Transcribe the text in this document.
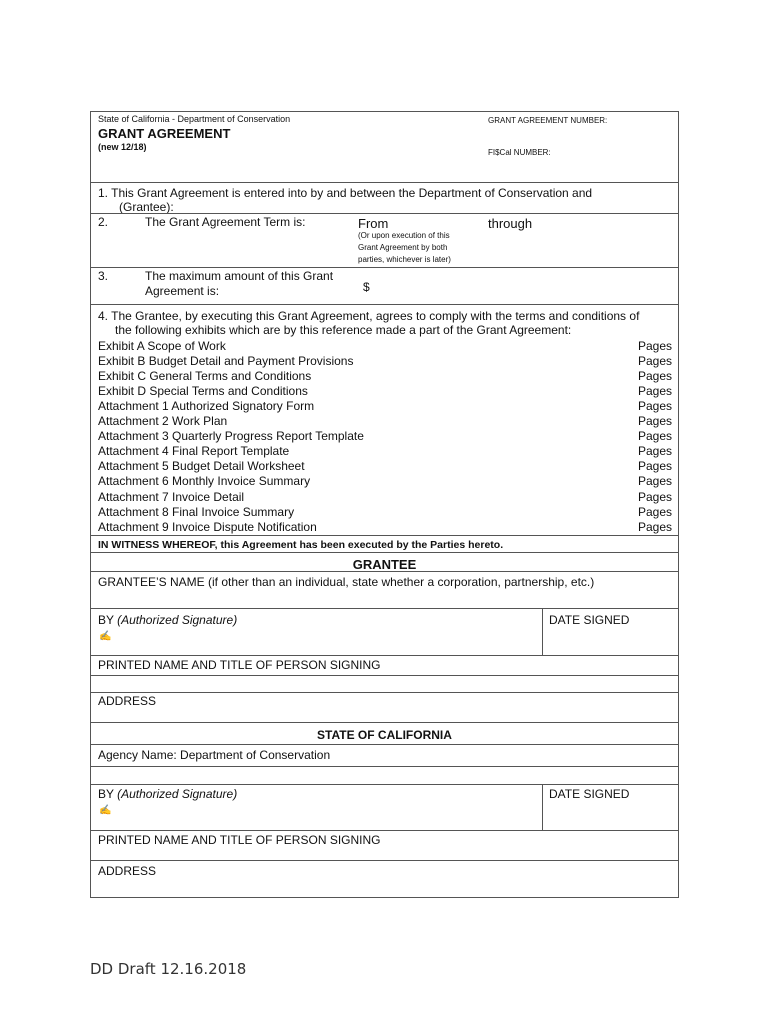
State of California - Department of Conservation
GRANT AGREEMENT
(new 12/18)
GRANT AGREEMENT NUMBER:
FI$Cal NUMBER:
1. This Grant Agreement is entered into by and between the Department of Conservation and
(Grantee):
2.	The Grant Agreement Term is:	From	through
(Or upon execution of this
Grant Agreement by both
parties, whichever is later)
3.	The maximum amount of this Grant
Agreement is:	$
4. The Grantee, by executing this Grant Agreement, agrees to comply with the terms and conditions of
the following exhibits which are by this reference made a part of the Grant Agreement:
Exhibit A Scope of Work	Pages
Exhibit B Budget Detail and Payment Provisions	Pages
Exhibit C General Terms and Conditions	Pages
Exhibit D Special Terms and Conditions	Pages
Attachment 1 Authorized Signatory Form	Pages
Attachment 2 Work Plan	Pages
Attachment 3 Quarterly Progress Report Template	Pages
Attachment 4 Final Report Template	Pages
Attachment 5 Budget Detail Worksheet	Pages
Attachment 6 Monthly Invoice Summary	Pages
Attachment 7 Invoice Detail	Pages
Attachment 8 Final Invoice Summary	Pages
Attachment 9 Invoice Dispute Notification	Pages
IN WITNESS WHEREOF, this Agreement has been executed by the Parties hereto.
GRANTEE
GRANTEE’S NAME (if other than an individual, state whether a corporation, partnership, etc.)
BY (Authorized Signature)
✍
DATE SIGNED
PRINTED NAME AND TITLE OF PERSON SIGNING
ADDRESS
STATE OF CALIFORNIA
Agency Name: Department of Conservation
BY (Authorized Signature)
✍
DATE SIGNED
PRINTED NAME AND TITLE OF PERSON SIGNING
ADDRESS
DD Draft 12.16.2018
